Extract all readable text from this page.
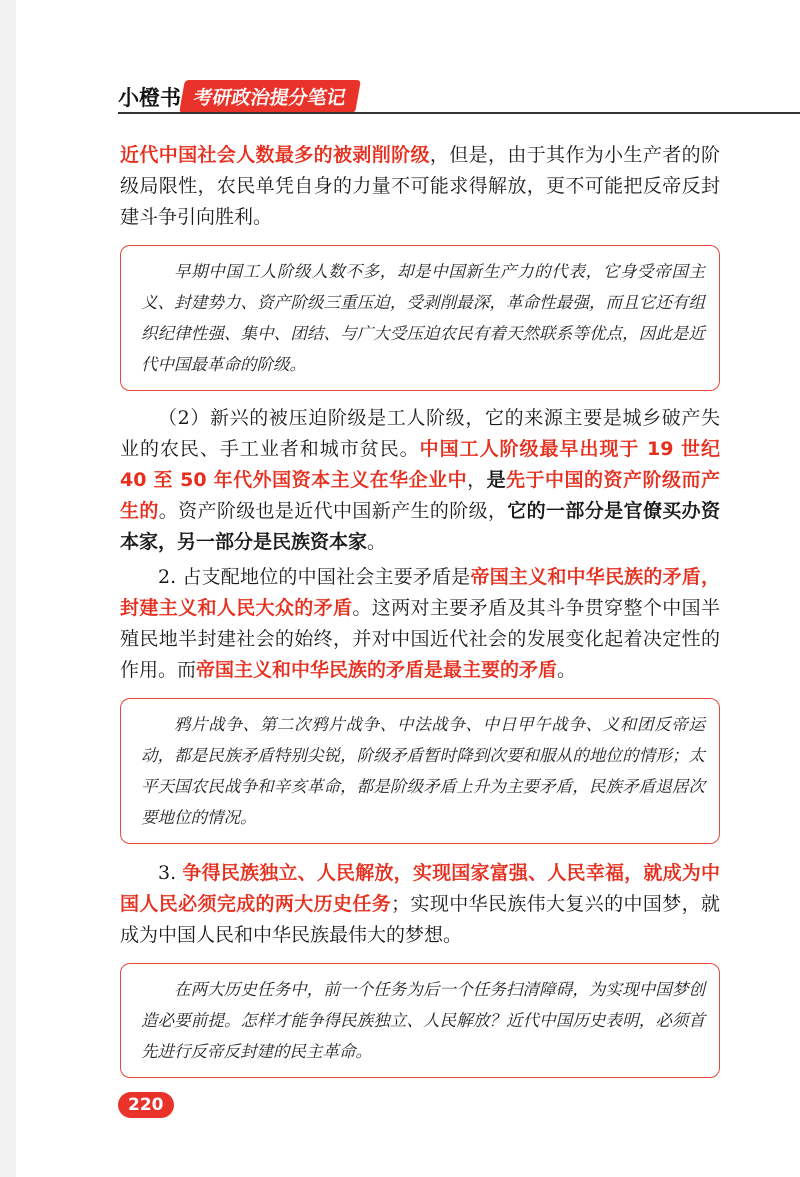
小橙书 考研政治提分笔记

近代中国社会人数最多的被剥削阶级，但是，由于其作为小生产者的阶级局限性，农民单凭自身的力量不可能求得解放，更不可能把反帝反封建斗争引向胜利。

早期中国工人阶级人数不多，却是中国新生产力的代表，它身受帝国主义、封建势力、资产阶级三重压迫，受剥削最深，革命性最强，而且它还有组织纪律性强、集中、团结、与广大受压迫农民有着天然联系等优点，因此是近代中国最革命的阶级。

（2）新兴的被压迫阶级是工人阶级，它的来源主要是城乡破产失业的农民、手工业者和城市贫民。中国工人阶级最早出现于 19 世纪 40 至 50 年代外国资本主义在华企业中，是先于中国的资产阶级而产生的。资产阶级也是近代中国新产生的阶级，它的一部分是官僚买办资本家，另一部分是民族资本家。

2. 占支配地位的中国社会主要矛盾是帝国主义和中华民族的矛盾，封建主义和人民大众的矛盾。这两对主要矛盾及其斗争贯穿整个中国半殖民地半封建社会的始终，并对中国近代社会的发展变化起着决定性的作用。而帝国主义和中华民族的矛盾是最主要的矛盾。

鸦片战争、第二次鸦片战争、中法战争、中日甲午战争、义和团反帝运动，都是民族矛盾特别尖锐，阶级矛盾暂时降到次要和服从的地位的情形；太平天国农民战争和辛亥革命，都是阶级矛盾上升为主要矛盾，民族矛盾退居次要地位的情况。

3. 争得民族独立、人民解放，实现国家富强、人民幸福，就成为中国人民必须完成的两大历史任务；实现中华民族伟大复兴的中国梦，就成为中国人民和中华民族最伟大的梦想。

在两大历史任务中，前一个任务为后一个任务扫清障碍，为实现中国梦创造必要前提。怎样才能争得民族独立、人民解放？近代中国历史表明，必须首先进行反帝反封建的民主革命。

220
